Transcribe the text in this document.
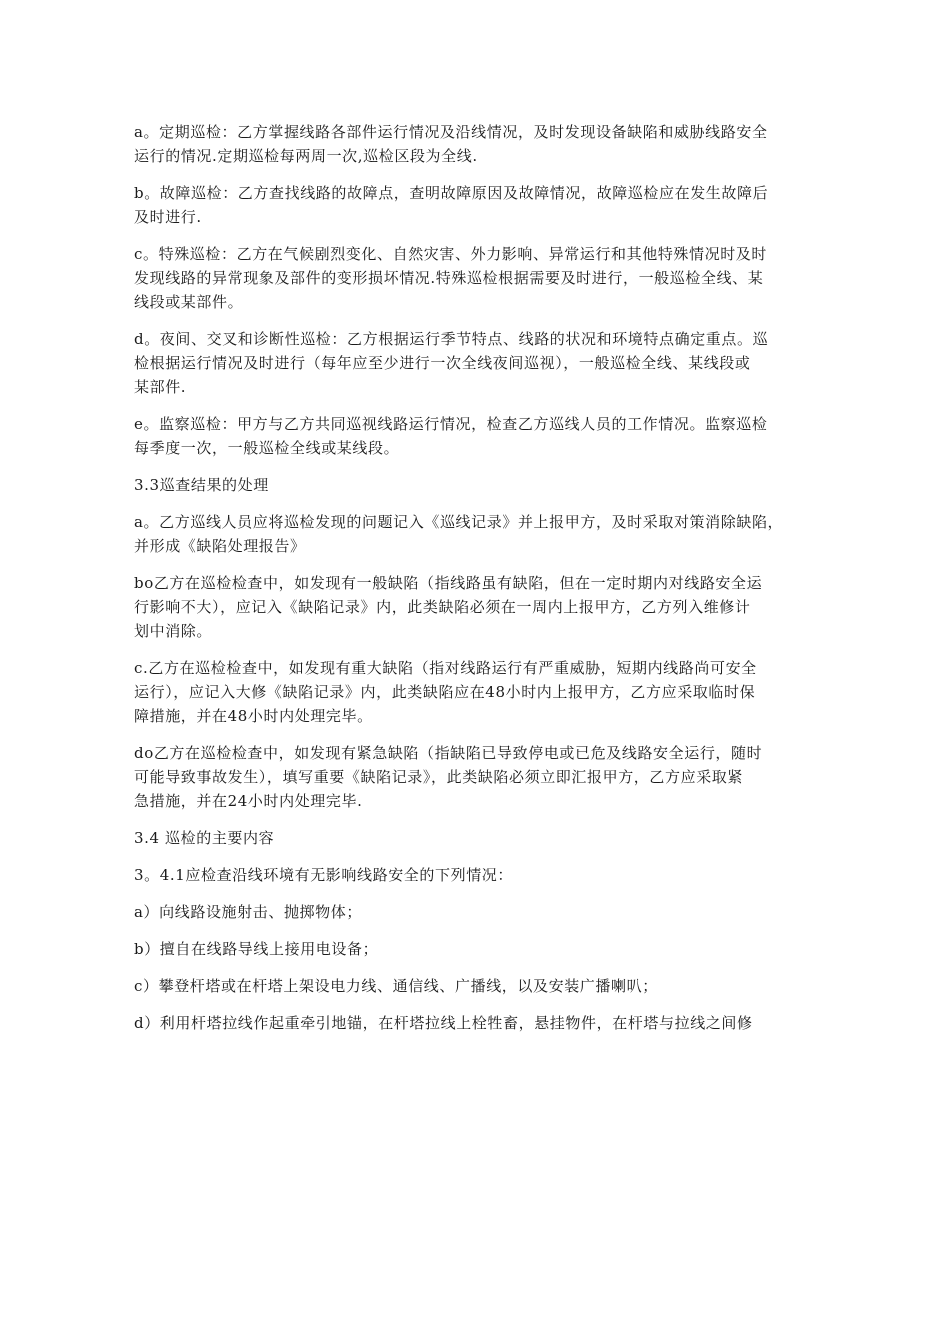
a。定期巡检：乙方掌握线路各部件运行情况及沿线情况，及时发现设备缺陷和威胁线路安全
运行的情况.定期巡检每两周一次,巡检区段为全线.
b。故障巡检：乙方查找线路的故障点，查明故障原因及故障情况，故障巡检应在发生故障后
及时进行.
c。特殊巡检：乙方在气候剧烈变化、自然灾害、外力影响、异常运行和其他特殊情况时及时
发现线路的异常现象及部件的变形损坏情况.特殊巡检根据需要及时进行，一般巡检全线、某
线段或某部件。
d。夜间、交叉和诊断性巡检：乙方根据运行季节特点、线路的状况和环境特点确定重点。巡
检根据运行情况及时进行（每年应至少进行一次全线夜间巡视），一般巡检全线、某线段或
某部件.
e。监察巡检：甲方与乙方共同巡视线路运行情况，检查乙方巡线人员的工作情况。监察巡检
每季度一次，一般巡检全线或某线段。
3.3巡查结果的处理
a。乙方巡线人员应将巡检发现的问题记入《巡线记录》并上报甲方，及时采取对策消除缺陷，
并形成《缺陷处理报告》
bo乙方在巡检检查中，如发现有一般缺陷（指线路虽有缺陷，但在一定时期内对线路安全运
行影响不大），应记入《缺陷记录》内，此类缺陷必须在一周内上报甲方，乙方列入维修计
划中消除。
c.乙方在巡检检查中，如发现有重大缺陷（指对线路运行有严重威胁，短期内线路尚可安全
运行），应记入大修《缺陷记录》内，此类缺陷应在48小时内上报甲方，乙方应采取临时保
障措施，并在48小时内处理完毕。
do乙方在巡检检查中，如发现有紧急缺陷（指缺陷已导致停电或已危及线路安全运行，随时
可能导致事故发生），填写重要《缺陷记录》，此类缺陷必须立即汇报甲方，乙方应采取紧
急措施，并在24小时内处理完毕.
3.4 巡检的主要内容
3。4.1应检查沿线环境有无影响线路安全的下列情况：
a）向线路设施射击、抛掷物体；
b）擅自在线路导线上接用电设备；
c）攀登杆塔或在杆塔上架设电力线、通信线、广播线，以及安装广播喇叭；
d）利用杆塔拉线作起重牵引地锚，在杆塔拉线上栓牲畜，悬挂物件，在杆塔与拉线之间修
